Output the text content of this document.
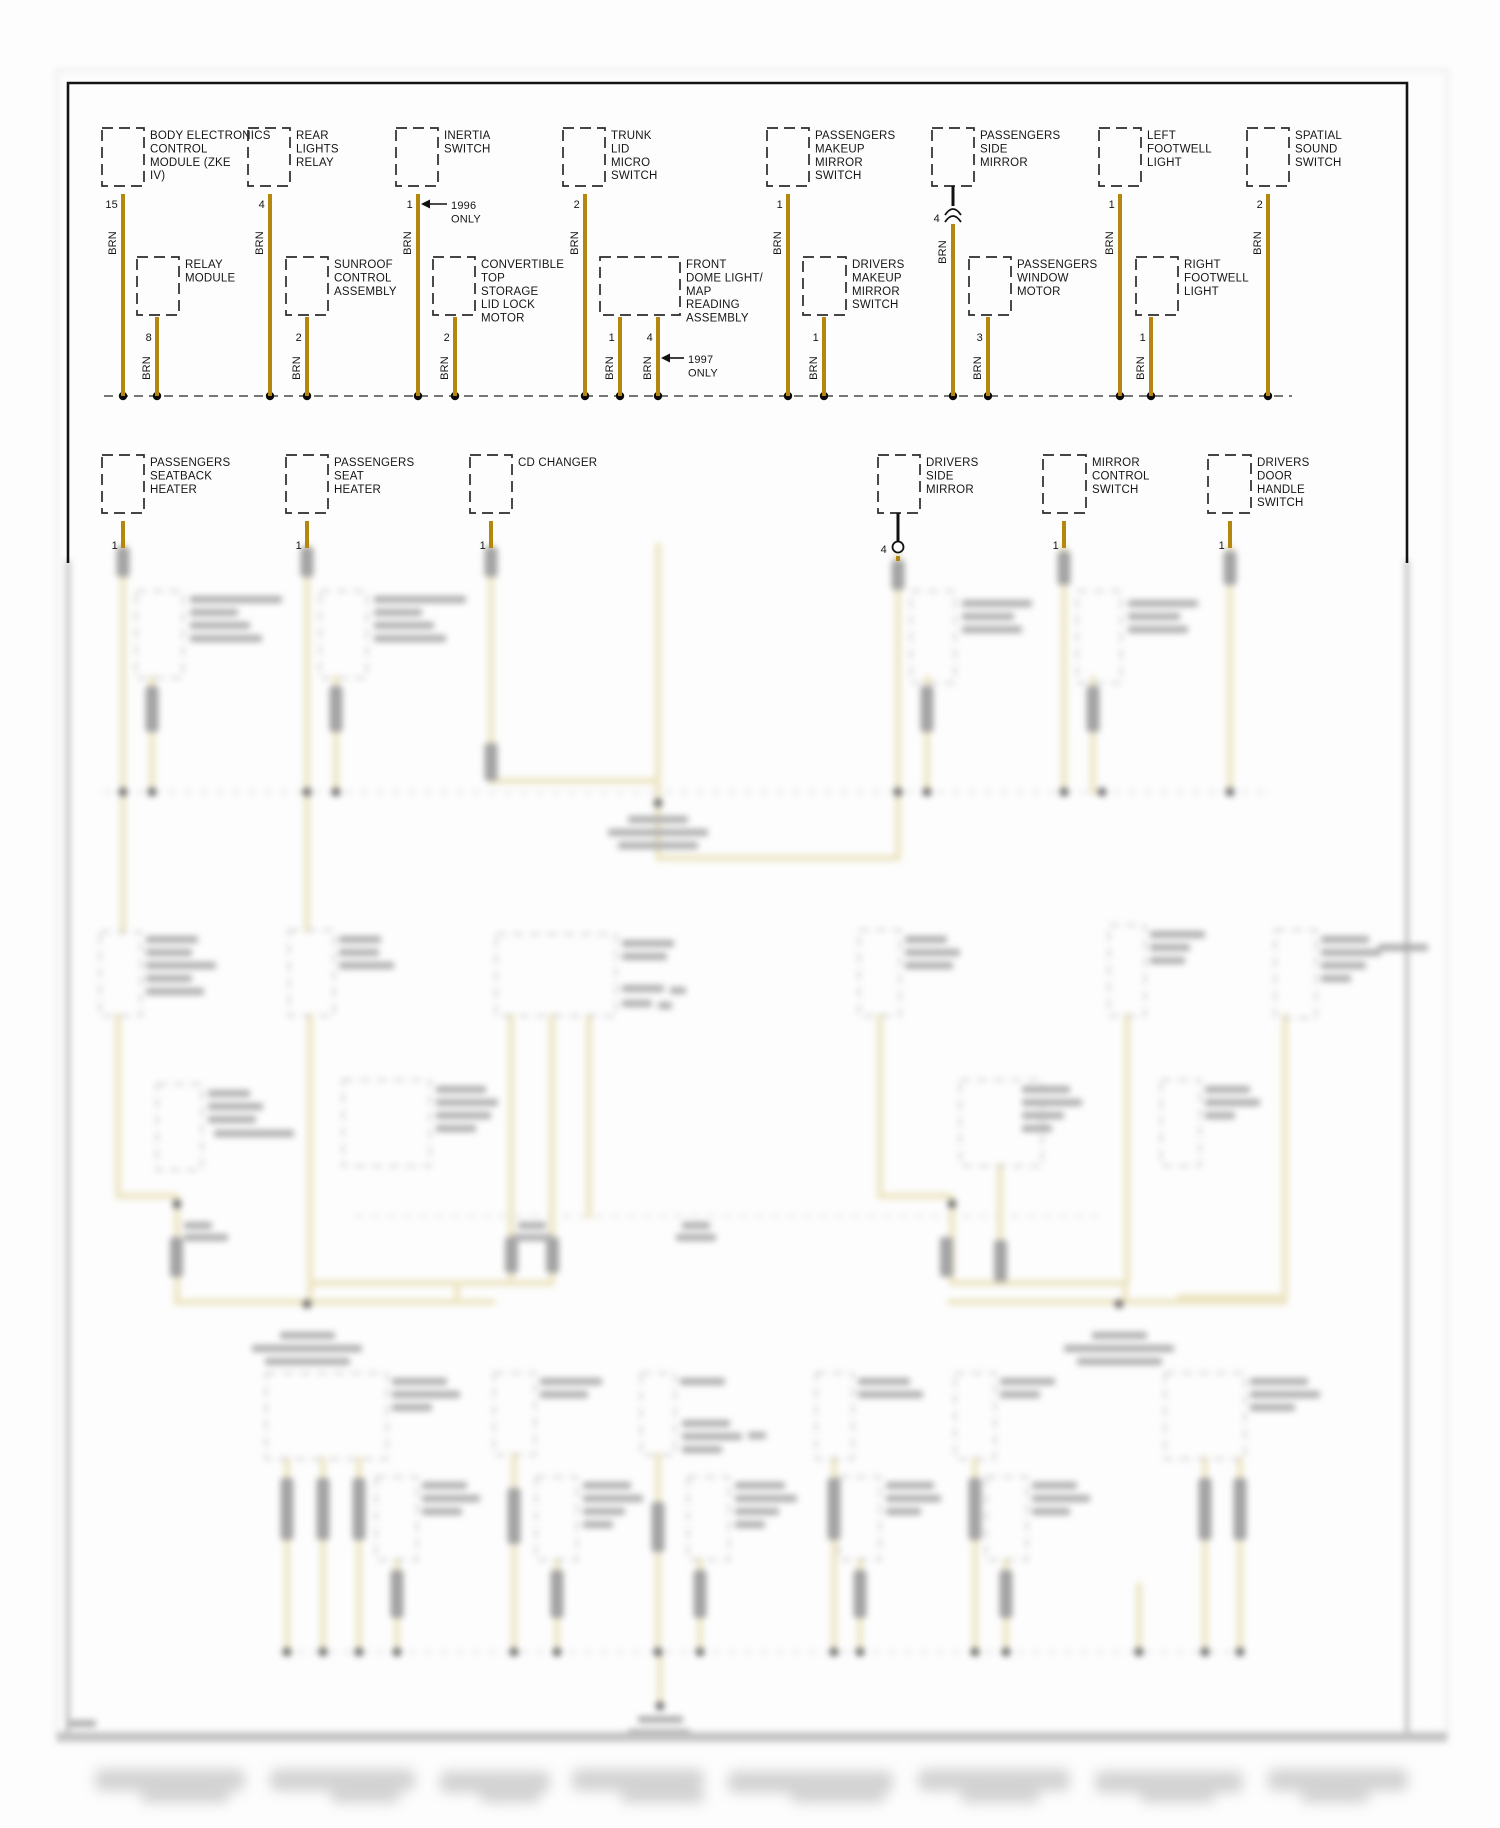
BODY ELECTRONICS
CONTROL
MODULE (ZKE
IV)
15
BRN
RELAY
MODULE
8
BRN
REAR
LIGHTS
RELAY
4
BRN
SUNROOF
CONTROL
ASSEMBLY
2
BRN
INERTIA
SWITCH
1
BRN
1996
ONLY
CONVERTIBLE
TOP
STORAGE
LID LOCK
MOTOR
2
BRN
TRUNK
LID
MICRO
SWITCH
2
BRN
FRONT
DOME LIGHT/
MAP
READING
ASSEMBLY
1
BRN
4
BRN	1997
ONLY
PASSENGERS
MAKEUP
MIRROR
SWITCH
1
BRN
DRIVERS
MAKEUP
MIRROR
SWITCH
1
BRN
PASSENGERS
SIDE
MIRROR
4
BRN
PASSENGERS
WINDOW
MOTOR
3
BRN
LEFT
FOOTWELL
LIGHT
1
BRN
RIGHT
FOOTWELL
LIGHT
1
BRN
SPATIAL
SOUND
SWITCH
2
BRN
PASSENGERS
SEATBACK
HEATER
1
PASSENGERS
SEAT
HEATER
1
CD CHANGER
1
DRIVERS
SIDE
MIRROR
4
MIRROR
CONTROL
SWITCH
1
DRIVERS
DOOR
HANDLE
SWITCH
1
